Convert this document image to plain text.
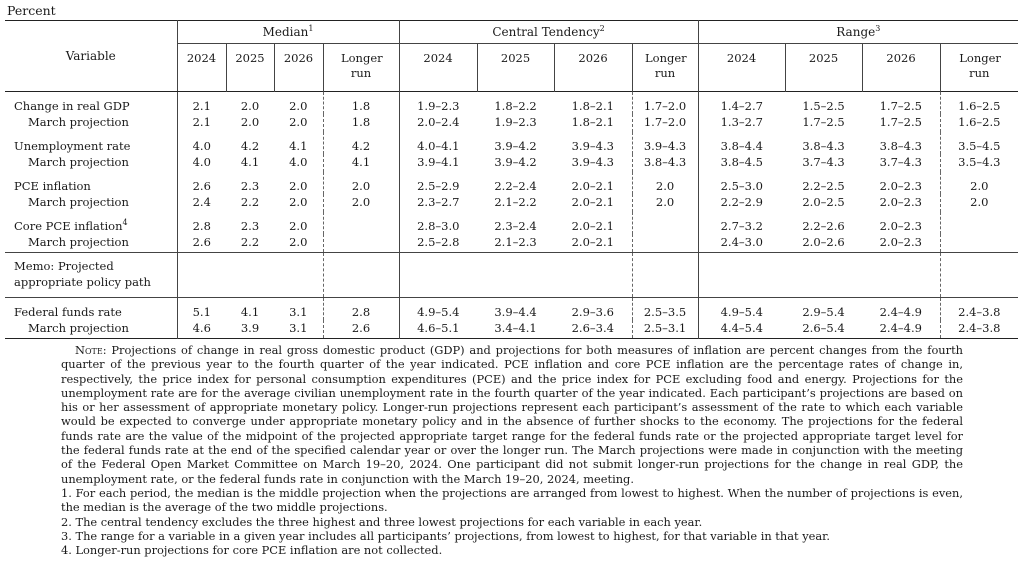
Percent
Variable	Median$^1$				Central Tendency$^2$				Range$^3$
	2024	2025	2026	Longer run	2024	2025	2026	Longer run	2024	2025	2026	Longer run
Change in real GDP	2.1	2.0	2.0	1.8	1.9–2.3	1.8–2.2	1.8–2.1	1.7–2.0	1.4–2.7	1.5–2.5	1.7–2.5	1.6–2.5
March projection	2.1	2.0	2.0	1.8	2.0–2.4	1.9–2.3	1.8–2.1	1.7–2.0	1.3–2.7	1.7–2.5	1.7–2.5	1.6–2.5
Unemployment rate	4.0	4.2	4.1	4.2	4.0–4.1	3.9–4.2	3.9–4.3	3.9–4.3	3.8–4.4	3.8–4.3	3.8–4.3	3.5–4.5
March projection	4.0	4.1	4.0	4.1	3.9–4.1	3.9–4.2	3.9–4.3	3.8–4.3	3.8–4.5	3.7–4.3	3.7–4.3	3.5–4.3
PCE inflation	2.6	2.3	2.0	2.0	2.5–2.9	2.2–2.4	2.0–2.1	2.0	2.5–3.0	2.2–2.5	2.0–2.3	2.0
March projection	2.4	2.2	2.0	2.0	2.3–2.7	2.1–2.2	2.0–2.1	2.0	2.2–2.9	2.0–2.5	2.0–2.3	2.0
Core PCE inflation$^4$	2.8	2.3	2.0		2.8–3.0	2.3–2.4	2.0–2.1		2.7–3.2	2.2–2.6	2.0–2.3	
March projection	2.6	2.2	2.0		2.5–2.8	2.1–2.3	2.0–2.1		2.4–3.0	2.0–2.6	2.0–2.3	
Memo: Projected appropriate policy path												
Federal funds rate	5.1	4.1	3.1	2.8	4.9–5.4	3.9–4.4	2.9–3.6	2.5–3.5	4.9–5.4	2.9–5.4	2.4–4.9	2.4–3.8
March projection	4.6	3.9	3.1	2.6	4.6–5.1	3.4–4.1	2.6–3.4	2.5–3.1	4.4–5.4	2.6–5.4	2.4–4.9	2.4–3.8

Note: Projections of change in real gross domestic product (GDP) and projections for both measures of inflation are percent changes from the fourth quarter of the previous year to the fourth quarter of the year indicated. PCE inflation and core PCE inflation are the percentage rates of change in, respectively, the price index for personal consumption expenditures (PCE) and the price index for PCE excluding food and energy. Projections for the unemployment rate are for the average civilian unemployment rate in the fourth quarter of the year indicated. Each participant’s projections are based on his or her assessment of appropriate monetary policy. Longer-run projections represent each participant’s assessment of the rate to which each variable would be expected to converge under appropriate monetary policy and in the absence of further shocks to the economy. The projections for the federal funds rate are the value of the midpoint of the projected appropriate target range for the federal funds rate or the projected appropriate target level for the federal funds rate at the end of the specified calendar year or over the longer run. The March projections were made in conjunction with the meeting of the Federal Open Market Committee on March 19–20, 2024. One participant did not submit longer-run projections for the change in real GDP, the unemployment rate, or the federal funds rate in conjunction with the March 19–20, 2024, meeting.

1. For each period, the median is the middle projection when the projections are arranged from lowest to highest. When the number of projections is even, the median is the average of the two middle projections.

2. The central tendency excludes the three highest and three lowest projections for each variable in each year.

3. The range for a variable in a given year includes all participants’ projections, from lowest to highest, for that variable in that year.

4. Longer-run projections for core PCE inflation are not collected.
